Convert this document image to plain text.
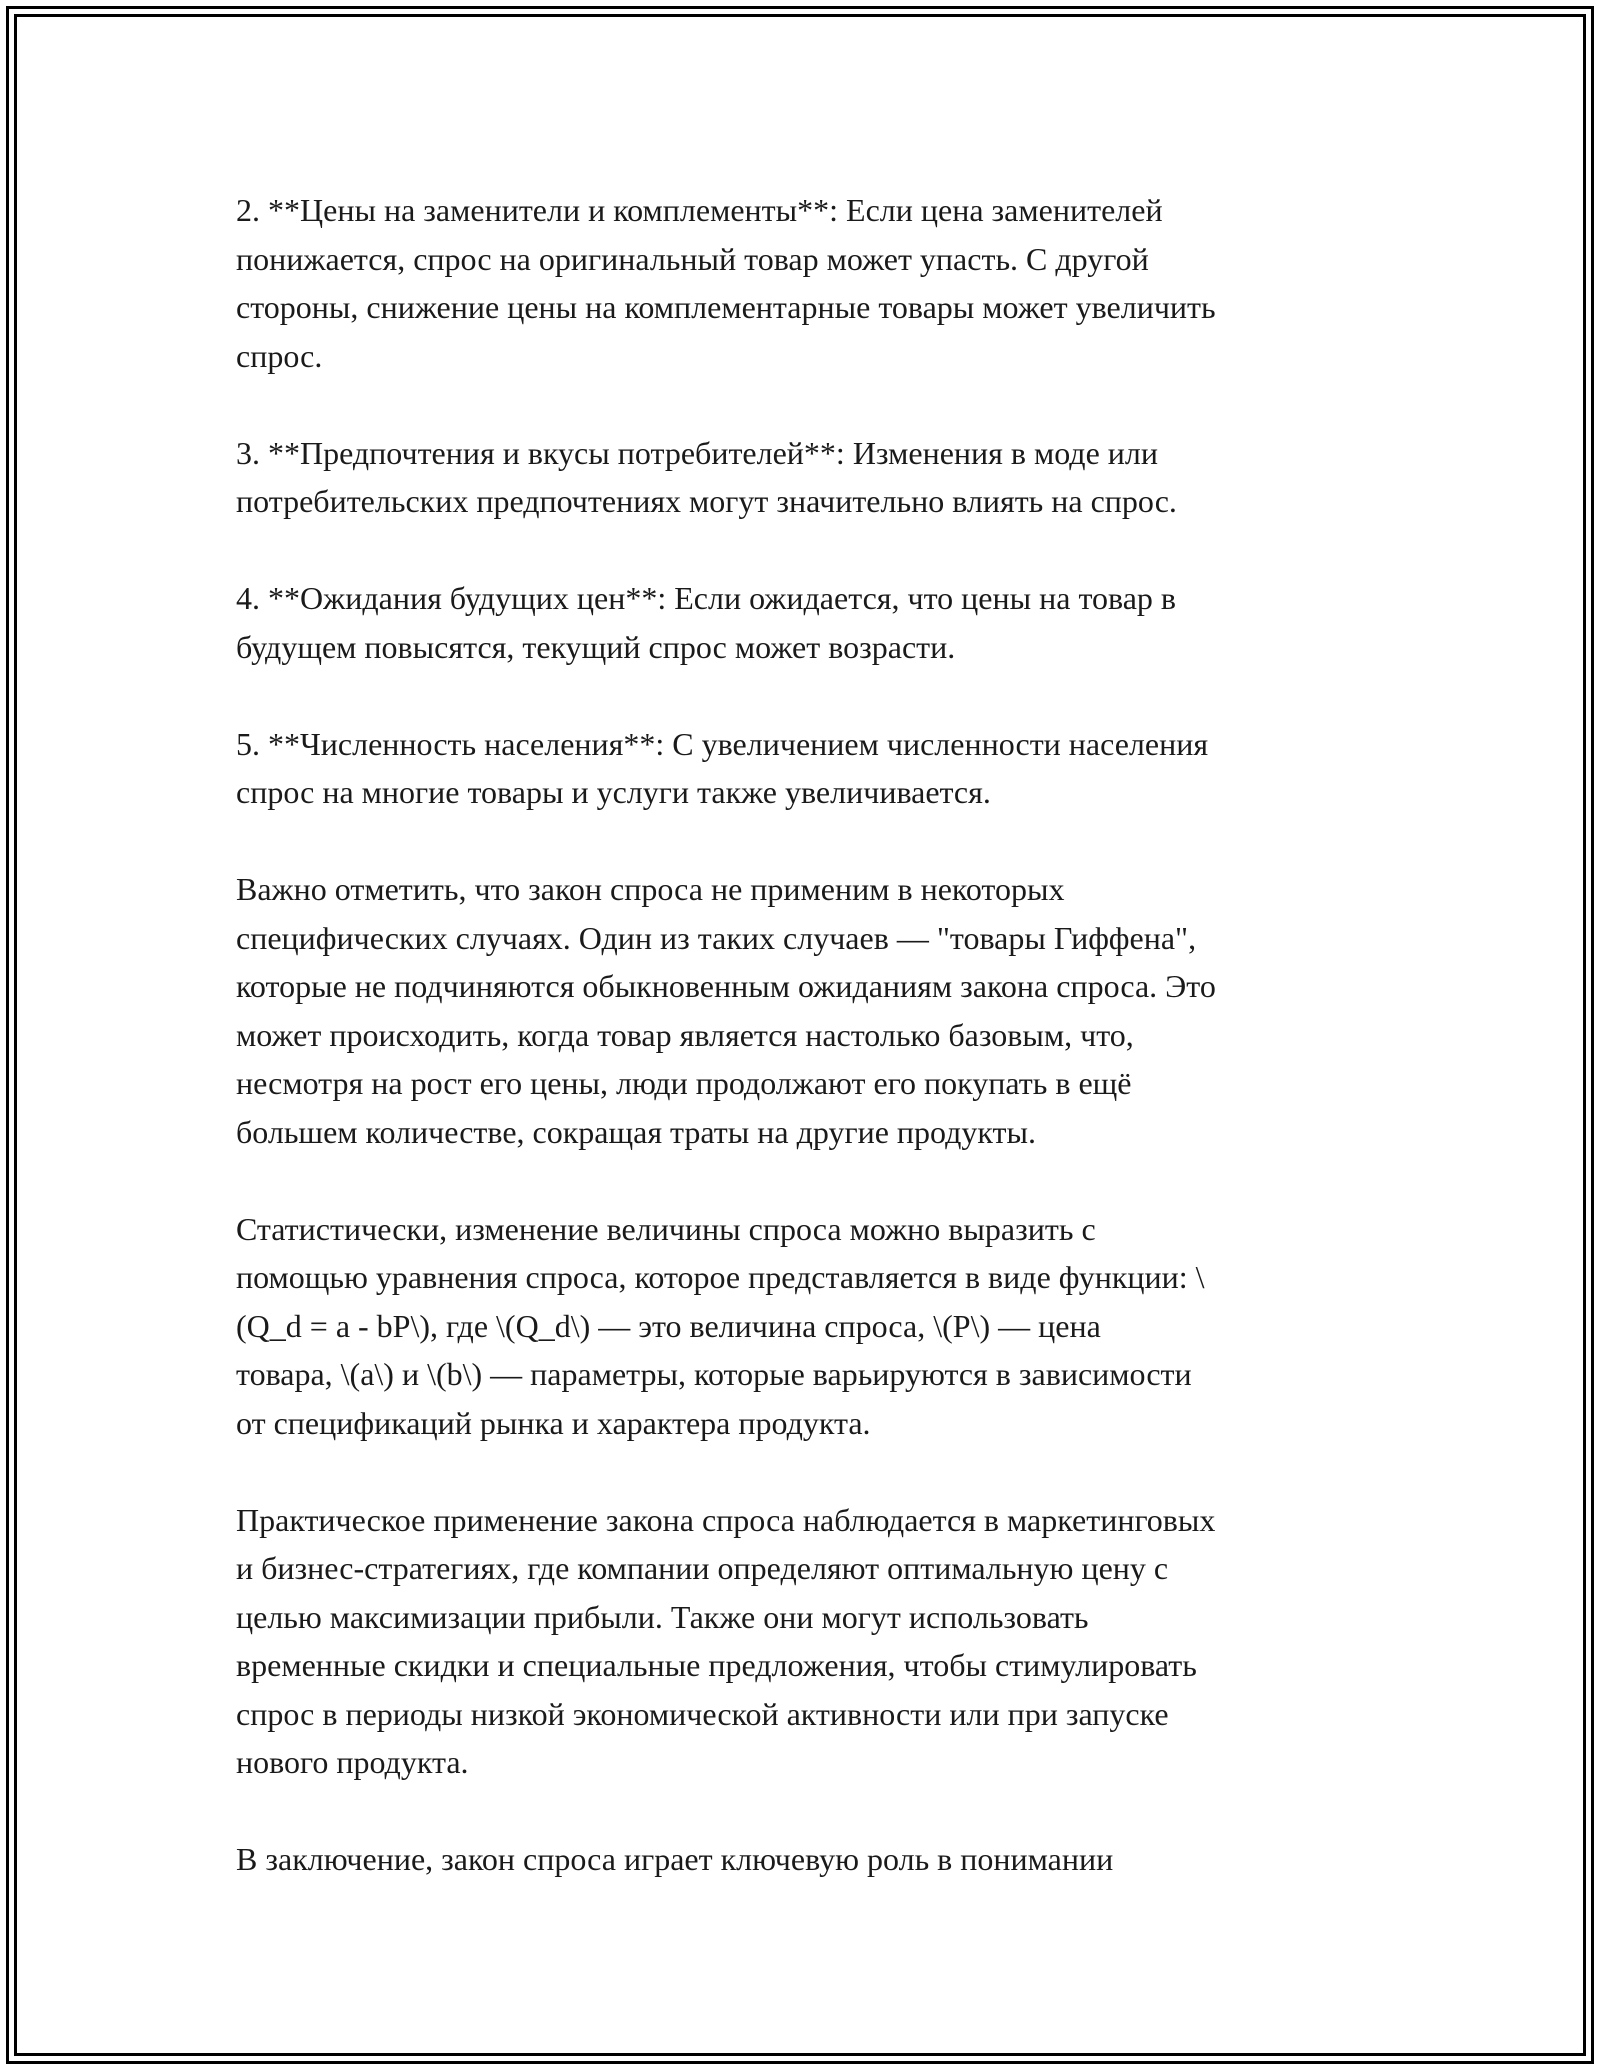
2. **Цены на заменители и комплементы**: Если цена заменителей
понижается, спрос на оригинальный товар может упасть. С другой
стороны, снижение цены на комплементарные товары может увеличить
спрос.

3. **Предпочтения и вкусы потребителей**: Изменения в моде или
потребительских предпочтениях могут значительно влиять на спрос.

4. **Ожидания будущих цен**: Если ожидается, что цены на товар в
будущем повысятся, текущий спрос может возрасти.

5. **Численность населения**: С увеличением численности населения
спрос на многие товары и услуги также увеличивается.

Важно отметить, что закон спроса не применим в некоторых
специфических случаях. Один из таких случаев — "товары Гиффена",
которые не подчиняются обыкновенным ожиданиям закона спроса. Это
может происходить, когда товар является настолько базовым, что,
несмотря на рост его цены, люди продолжают его покупать в ещё
большем количестве, сокращая траты на другие продукты.

Статистически, изменение величины спроса можно выразить с
помощью уравнения спроса, которое представляется в виде функции: \
(Q_d = a - bP\), где \(Q_d\) — это величина спроса, \(P\) — цена
товара, \(a\) и \(b\) — параметры, которые варьируются в зависимости
от спецификаций рынка и характера продукта.

Практическое применение закона спроса наблюдается в маркетинговых
и бизнес-стратегиях, где компании определяют оптимальную цену с
целью максимизации прибыли. Также они могут использовать
временные скидки и специальные предложения, чтобы стимулировать
спрос в периоды низкой экономической активности или при запуске
нового продукта.

В заключение, закон спроса играет ключевую роль в понимании
